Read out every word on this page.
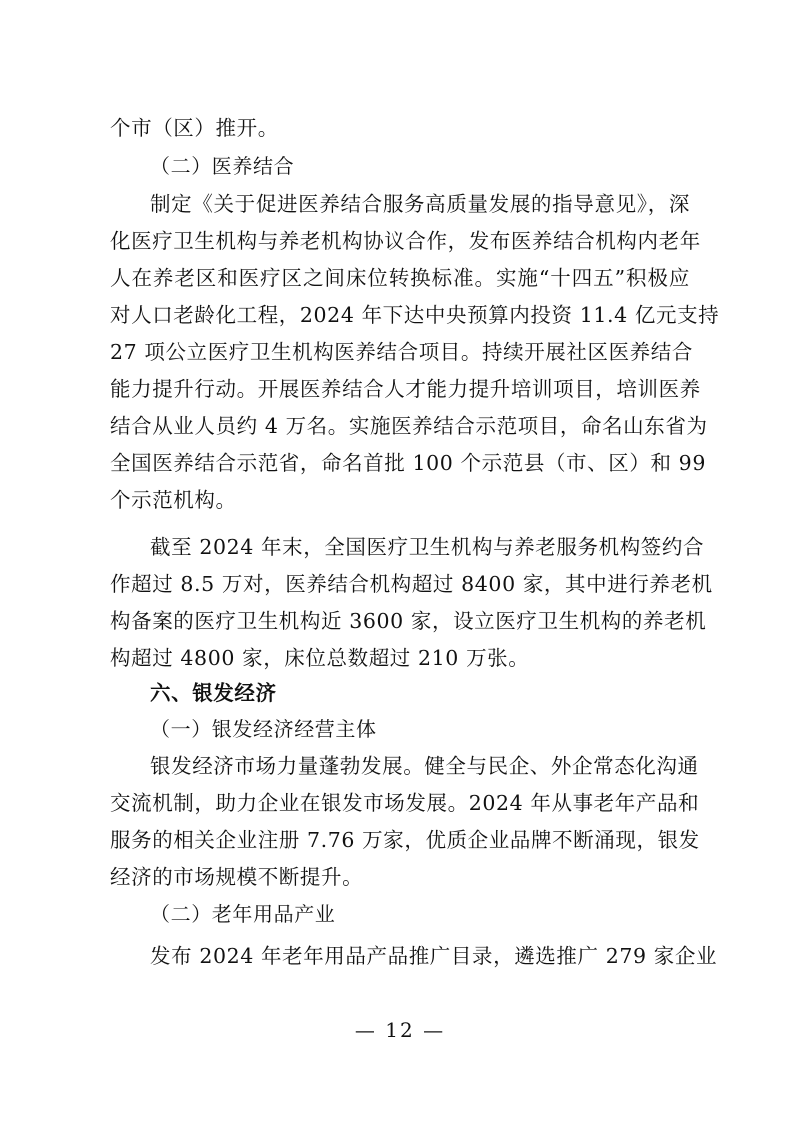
个市（区）推开。
（二）医养结合
制定《关于促进医养结合服务高质量发展的指导意见》，深
化医疗卫生机构与养老机构协议合作，发布医养结合机构内老年
人在养老区和医疗区之间床位转换标准。实施“十四五”积极应
对人口老龄化工程，2024 年下达中央预算内投资 11.4 亿元支持
27 项公立医疗卫生机构医养结合项目。持续开展社区医养结合
能力提升行动。开展医养结合人才能力提升培训项目，培训医养
结合从业人员约 4 万名。实施医养结合示范项目，命名山东省为
全国医养结合示范省，命名首批 100 个示范县（市、区）和 99
个示范机构。
截至 2024 年末，全国医疗卫生机构与养老服务机构签约合
作超过 8.5 万对，医养结合机构超过 8400 家，其中进行养老机
构备案的医疗卫生机构近 3600 家，设立医疗卫生机构的养老机
构超过 4800 家，床位总数超过 210 万张。
六、银发经济
（一）银发经济经营主体
银发经济市场力量蓬勃发展。健全与民企、外企常态化沟通
交流机制，助力企业在银发市场发展。2024 年从事老年产品和
服务的相关企业注册 7.76 万家，优质企业品牌不断涌现，银发
经济的市场规模不断提升。
（二）老年用品产业
发布 2024 年老年用品产品推广目录，遴选推广 279 家企业
— 12 —
